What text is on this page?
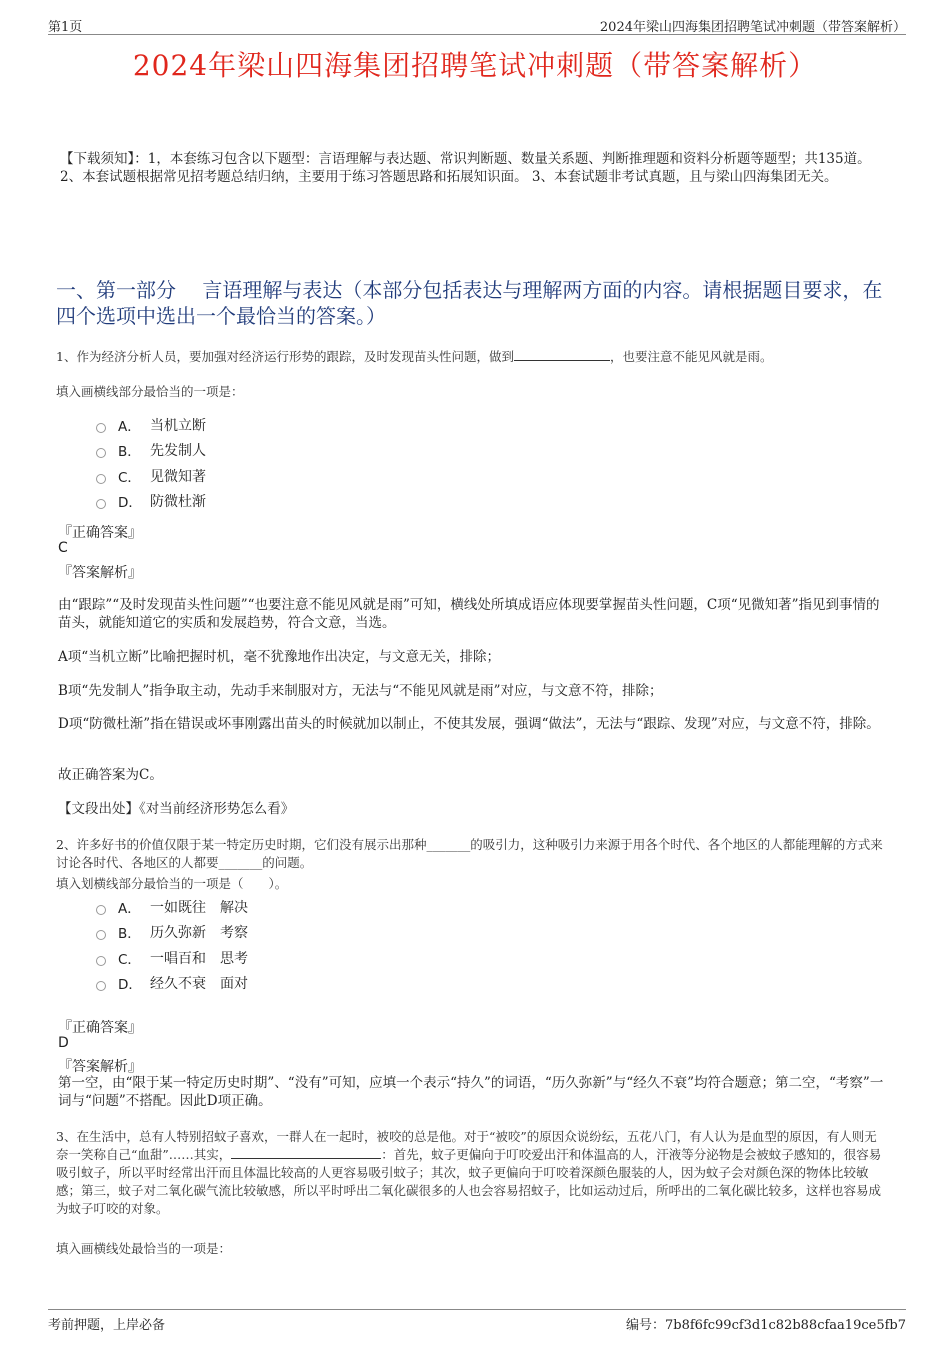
第1页	2024年梁山四海集团招聘笔试冲刺题（带答案解析）
2024年梁山四海集团招聘笔试冲刺题（带答案解析）
【下载须知】：1，本套练习包含以下题型：言语理解与表达题、常识判断题、数量关系题、判断推理题和资料分析题等题型；共135道。 2、本套试题根据常见招考题总结归纳，主要用于练习答题思路和拓展知识面。 3、本套试题非考试真题，且与梁山四海集团无关。
一、第一部分　 言语理解与表达（本部分包括表达与理解两方面的内容。请根据题目要求，在四个选项中选出一个最恰当的答案。）
1、作为经济分析人员，要加强对经济运行形势的跟踪，及时发现苗头性问题，做到	，也要注意不能见风就是雨。
填入画横线部分最恰当的一项是：
A． 当机立断
B． 先发制人
C． 见微知著
D． 防微杜渐
『正确答案』
C
『答案解析』
由“跟踪”“及时发现苗头性问题”“也要注意不能见风就是雨”可知，横线处所填成语应体现要掌握苗头性问题，C项“见微知著”指见到事情的苗头，就能知道它的实质和发展趋势，符合文意，当选。
A项“当机立断”比喻把握时机，毫不犹豫地作出决定，与文意无关，排除；
B项“先发制人”指争取主动，先动手来制服对方，无法与“不能见风就是雨”对应，与文意不符，排除；
D项“防微杜渐”指在错误或坏事刚露出苗头的时候就加以制止，不使其发展，强调“做法”，无法与“跟踪、发现”对应，与文意不符，排除。
故正确答案为C。
【文段出处】《对当前经济形势怎么看》
2、许多好书的价值仅限于某一特定历史时期，它们没有展示出那种_______的吸引力，这种吸引力来源于用各个时代、各个地区的人都能理解的方式来讨论各时代、各地区的人都要_______的问题。
填入划横线部分最恰当的一项是（　　）。
A． 一如既往　解决
B． 历久弥新　考察
C． 一唱百和　思考
D． 经久不衰　面对
『正确答案』
D
『答案解析』
第一空，由“限于某一特定历史时期”、“没有”可知，应填一个表示“持久”的词语，“历久弥新”与“经久不衰”均符合题意；第二空，“考察”一词与“问题”不搭配。因此D项正确。
3、在生活中，总有人特别招蚊子喜欢，一群人在一起时，被咬的总是他。对于“被咬”的原因众说纷纭，五花八门，有人认为是血型的原因，有人则无奈一笑称自己“血甜”……其实，	：首先，蚊子更偏向于叮咬爱出汗和体温高的人，汗液等分泌物是会被蚊子感知的，很容易吸引蚊子，所以平时经常出汗而且体温比较高的人更容易吸引蚊子；其次，蚊子更偏向于叮咬着深颜色服装的人，因为蚊子会对颜色深的物体比较敏感；第三，蚊子对二氧化碳气流比较敏感，所以平时呼出二氧化碳很多的人也会容易招蚊子，比如运动过后，所呼出的二氧化碳比较多，这样也容易成为蚊子叮咬的对象。
填入画横线处最恰当的一项是：
考前押题，上岸必备	编号：7b8f6fc99cf3d1c82b88cfaa19ce5fb7
